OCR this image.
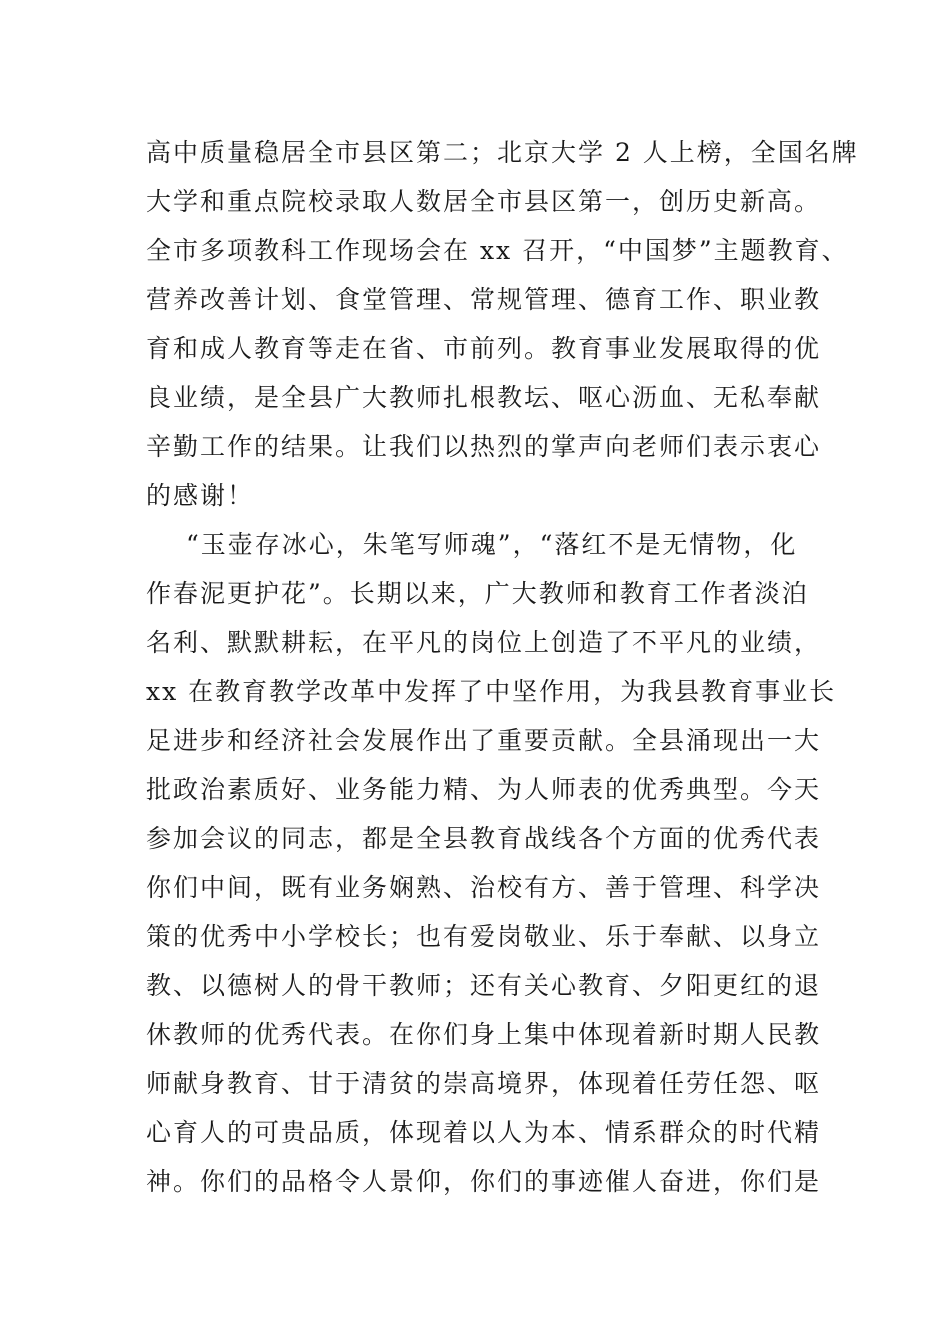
高中质量稳居全市县区第二；北京大学 2 人上榜，全国名牌
大学和重点院校录取人数居全市县区第一，创历史新高。
全市多项教科工作现场会在 xx 召开，“中国梦”主题教育、
营养改善计划、食堂管理、常规管理、德育工作、职业教
育和成人教育等走在省、市前列。教育事业发展取得的优
良业绩，是全县广大教师扎根教坛、呕心沥血、无私奉献
辛勤工作的结果。让我们以热烈的掌声向老师们表示衷心
的感谢！
“玉壶存冰心，朱笔写师魂”，“落红不是无情物，化
作春泥更护花”。长期以来，广大教师和教育工作者淡泊
名利、默默耕耘，在平凡的岗位上创造了不平凡的业绩，
xx 在教育教学改革中发挥了中坚作用，为我县教育事业长
足进步和经济社会发展作出了重要贡献。全县涌现出一大
批政治素质好、业务能力精、为人师表的优秀典型。今天
参加会议的同志，都是全县教育战线各个方面的优秀代表
你们中间，既有业务娴熟、治校有方、善于管理、科学决
策的优秀中小学校长；也有爱岗敬业、乐于奉献、以身立
教、以德树人的骨干教师；还有关心教育、夕阳更红的退
休教师的优秀代表。在你们身上集中体现着新时期人民教
师献身教育、甘于清贫的崇高境界，体现着任劳任怨、呕
心育人的可贵品质，体现着以人为本、情系群众的时代精
神。你们的品格令人景仰，你们的事迹催人奋进，你们是
